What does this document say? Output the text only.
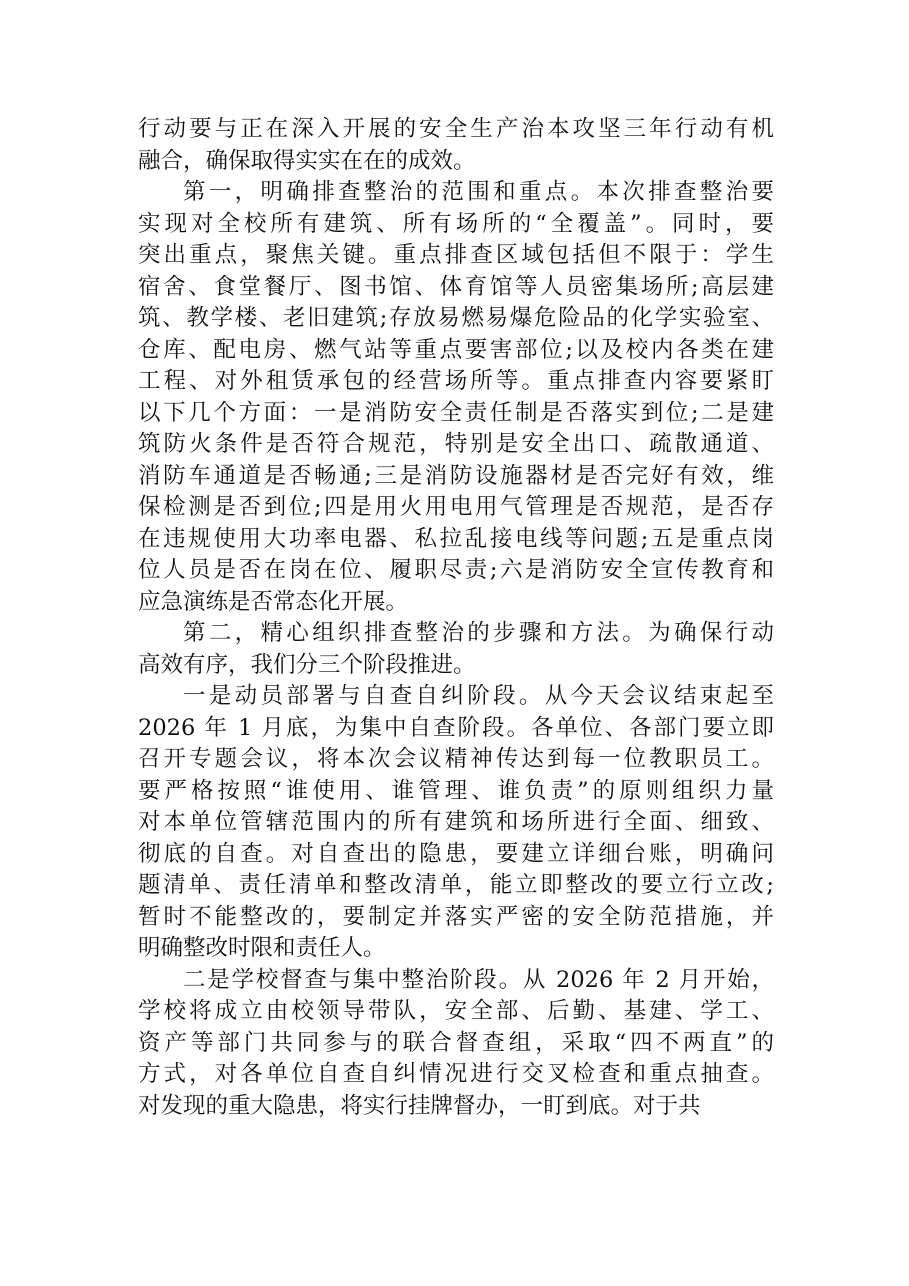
行动要与正在深入开展的安全生产治本攻坚三年行动有机
融合，确保取得实实在在的成效。
第一，明确排查整治的范围和重点。本次排查整治要
实现对全校所有建筑、所有场所的“全覆盖”。同时，要
突出重点，聚焦关键。重点排查区域包括但不限于：学生
宿舍、食堂餐厅、图书馆、体育馆等人员密集场所;高层建
筑、教学楼、老旧建筑;存放易燃易爆危险品的化学实验室、
仓库、配电房、燃气站等重点要害部位;以及校内各类在建
工程、对外租赁承包的经营场所等。重点排查内容要紧盯
以下几个方面：一是消防安全责任制是否落实到位;二是建
筑防火条件是否符合规范，特别是安全出口、疏散通道、
消防车通道是否畅通;三是消防设施器材是否完好有效，维
保检测是否到位;四是用火用电用气管理是否规范，是否存
在违规使用大功率电器、私拉乱接电线等问题;五是重点岗
位人员是否在岗在位、履职尽责;六是消防安全宣传教育和
应急演练是否常态化开展。
第二，精心组织排查整治的步骤和方法。为确保行动
高效有序，我们分三个阶段推进。
一是动员部署与自查自纠阶段。从今天会议结束起至
2026 年 1 月底，为集中自查阶段。各单位、各部门要立即
召开专题会议，将本次会议精神传达到每一位教职员工。
要严格按照“谁使用、谁管理、谁负责”的原则组织力量
对本单位管辖范围内的所有建筑和场所进行全面、细致、
彻底的自查。对自查出的隐患，要建立详细台账，明确问
题清单、责任清单和整改清单，能立即整改的要立行立改;
暂时不能整改的，要制定并落实严密的安全防范措施，并
明确整改时限和责任人。
二是学校督查与集中整治阶段。从 2026 年 2 月开始，
学校将成立由校领导带队，安全部、后勤、基建、学工、
资产等部门共同参与的联合督查组，采取“四不两直”的
方式，对各单位自查自纠情况进行交叉检查和重点抽查。
对发现的重大隐患，将实行挂牌督办，一盯到底。对于共
